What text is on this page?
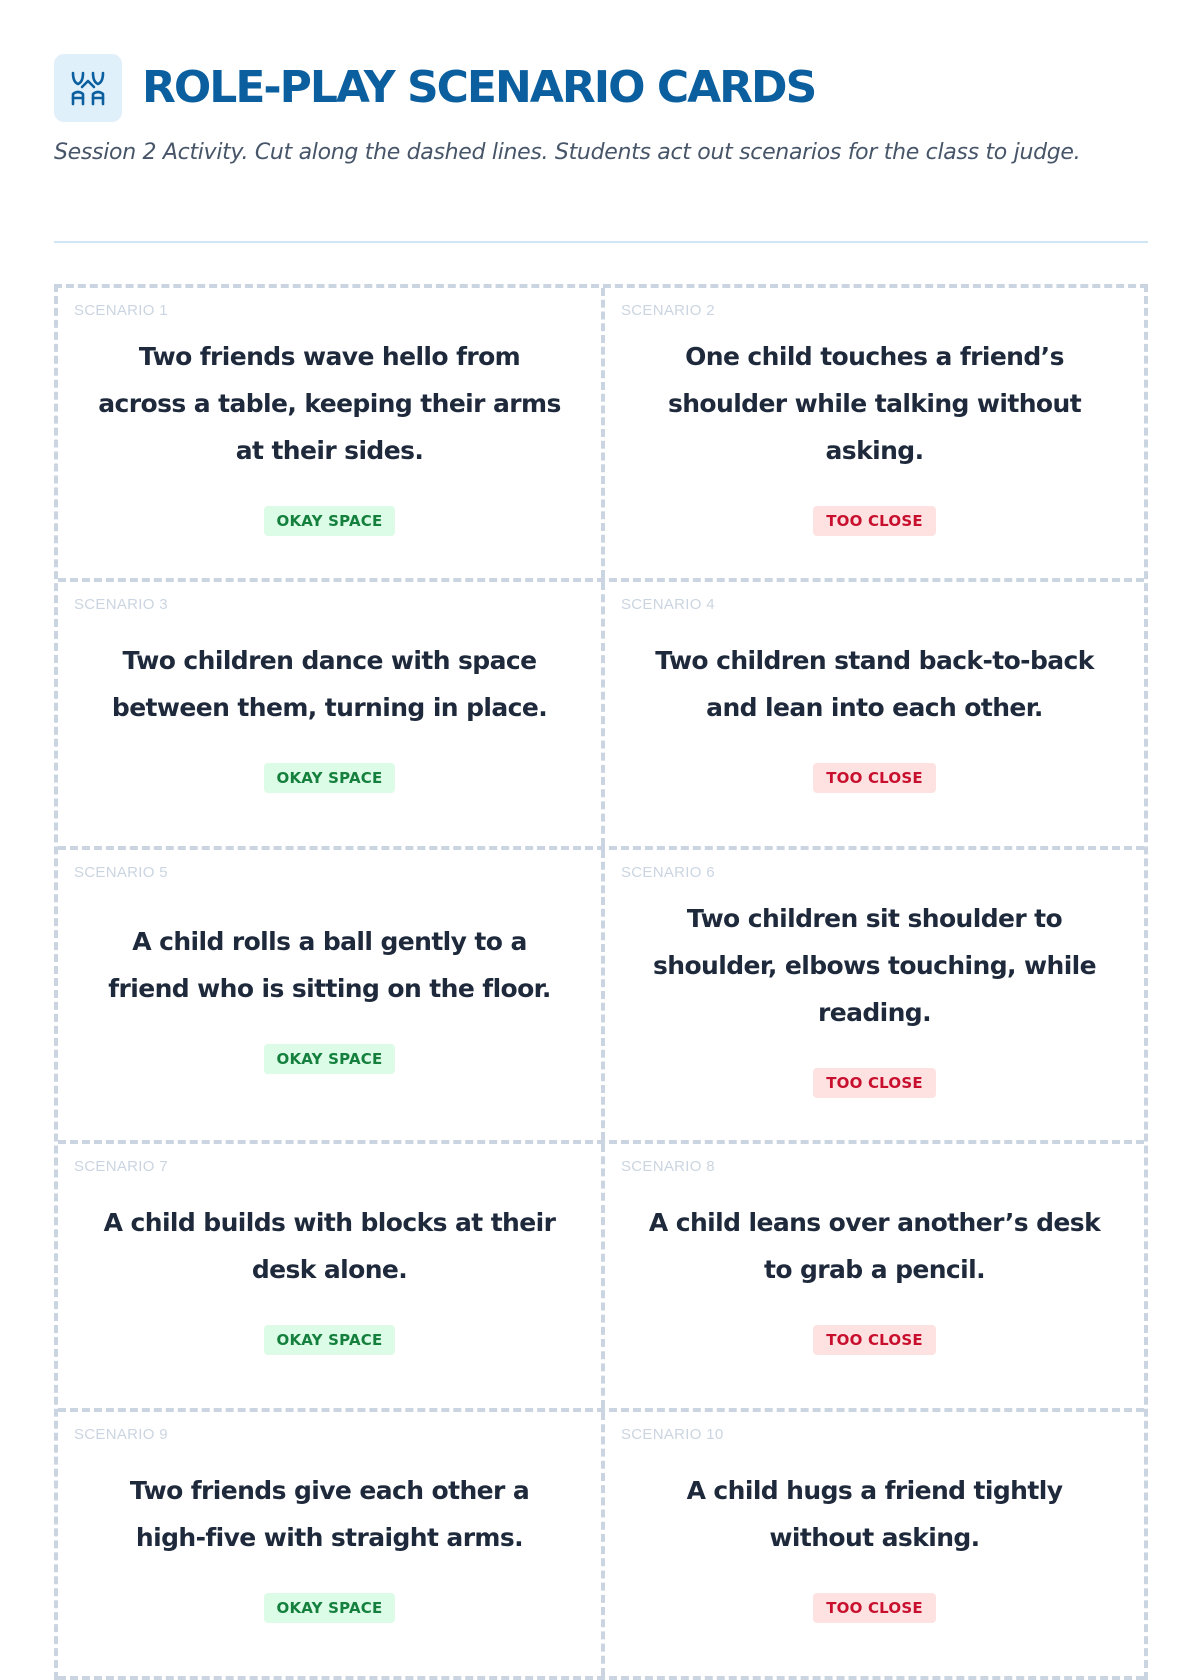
ROLE-PLAY SCENARIO CARDS
Session 2 Activity. Cut along the dashed lines. Students act out scenarios for the class to judge.
SCENARIO 1
Two friends wave hello from across a table, keeping their arms at their sides.
OKAY SPACE
SCENARIO 2
One child touches a friend’s shoulder while talking without asking.
TOO CLOSE
SCENARIO 3
Two children dance with space between them, turning in place.
OKAY SPACE
SCENARIO 4
Two children stand back-to-back and lean into each other.
TOO CLOSE
SCENARIO 5
A child rolls a ball gently to a friend who is sitting on the floor.
OKAY SPACE
SCENARIO 6
Two children sit shoulder to shoulder, elbows touching, while reading.
TOO CLOSE
SCENARIO 7
A child builds with blocks at their desk alone.
OKAY SPACE
SCENARIO 8
A child leans over another’s desk to grab a pencil.
TOO CLOSE
SCENARIO 9
Two friends give each other a high-five with straight arms.
OKAY SPACE
SCENARIO 10
A child hugs a friend tightly without asking.
TOO CLOSE
